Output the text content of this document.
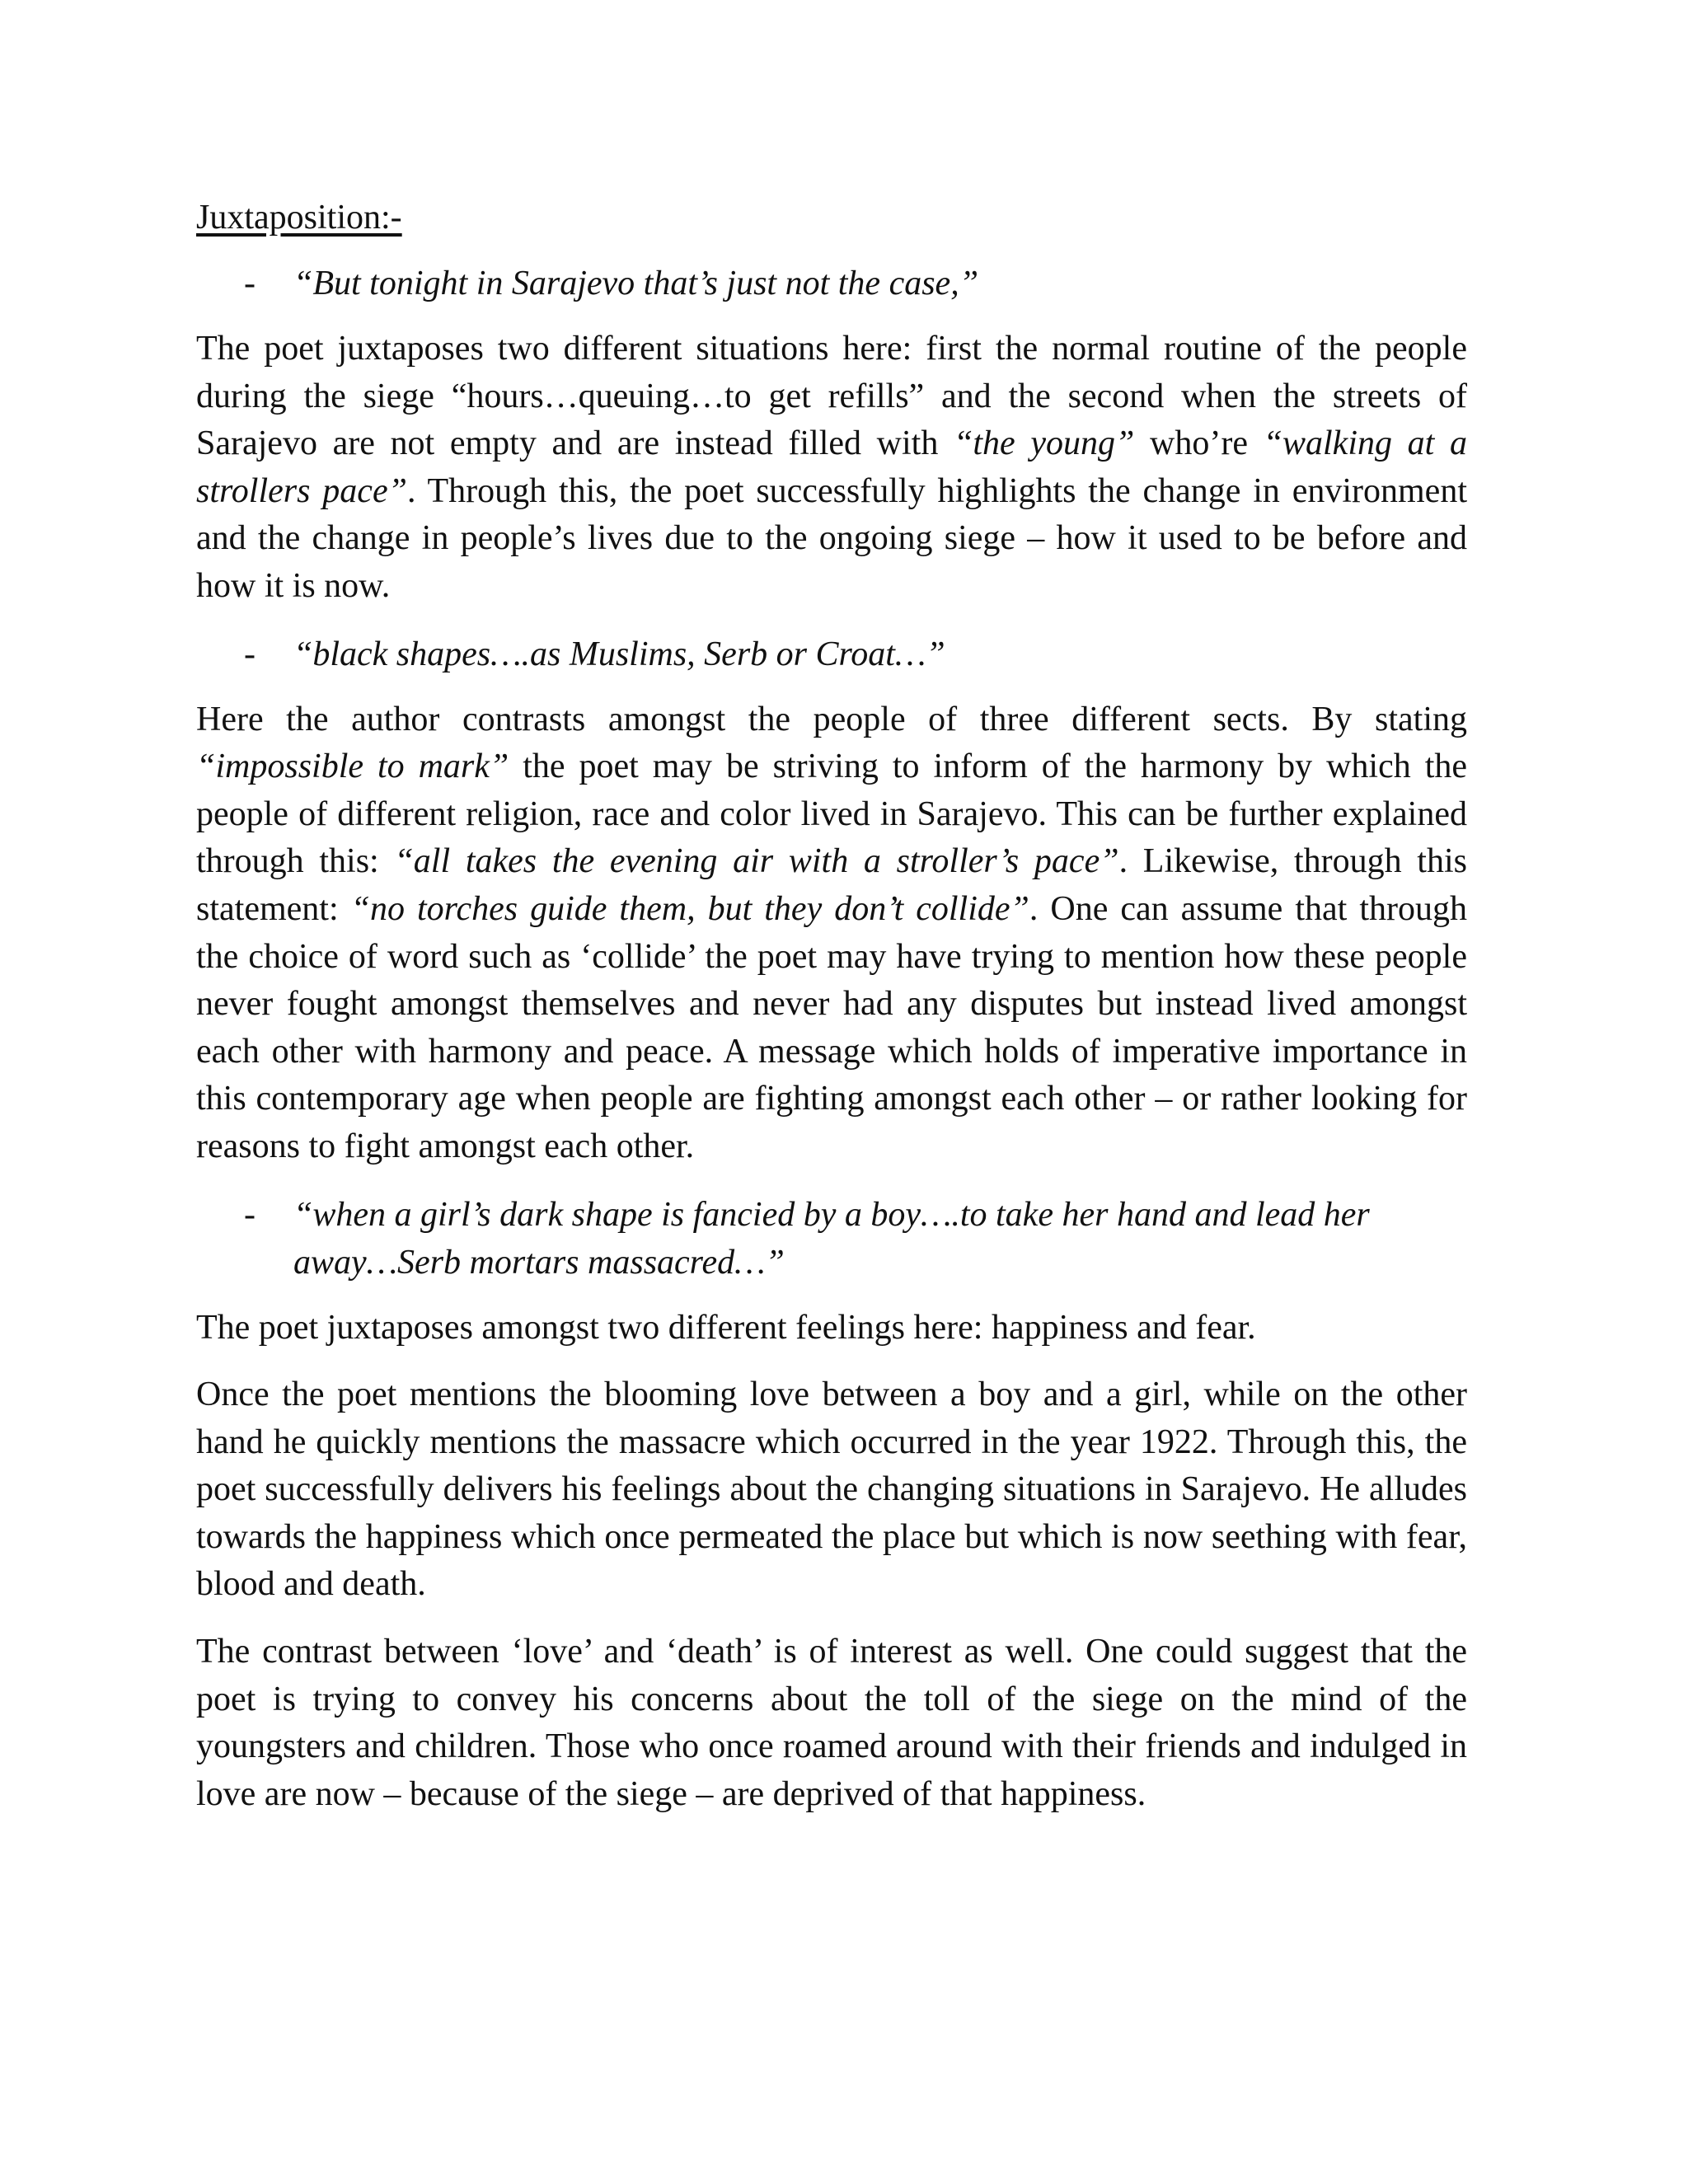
Juxtaposition:-
-	“But tonight in Sarajevo that’s just not the case,”

The poet juxtaposes two different situations here: first the normal routine of the people during the siege “hours…queuing…to get refills” and the second when the streets of Sarajevo are not empty and are instead filled with “the young” who’re “walking at a strollers pace”. Through this, the poet successfully highlights the change in environment and the change in people’s lives due to the ongoing siege – how it used to be before and how it is now.

-	“black shapes….as Muslims, Serb or Croat…”

Here the author contrasts amongst the people of three different sects. By stating “impossible to mark” the poet may be striving to inform of the harmony by which the people of different religion, race and color lived in Sarajevo. This can be further explained through this: “all takes the evening air with a stroller’s pace”. Likewise, through this statement: “no torches guide them, but they don’t collide”. One can assume that through the choice of word such as ‘collide’ the poet may have trying to mention how these people never fought amongst themselves and never had any disputes but instead lived amongst each other with harmony and peace. A message which holds of imperative importance in this contemporary age when people are fighting amongst each other – or rather looking for reasons to fight amongst each other.

-	“when a girl’s dark shape is fancied by a boy….to take her hand and lead her away…Serb mortars massacred…”

The poet juxtaposes amongst two different feelings here: happiness and fear.

Once the poet mentions the blooming love between a boy and a girl, while on the other hand he quickly mentions the massacre which occurred in the year 1922. Through this, the poet successfully delivers his feelings about the changing situations in Sarajevo. He alludes towards the happiness which once permeated the place but which is now seething with fear, blood and death.

The contrast between ‘love’ and ‘death’ is of interest as well. One could suggest that the poet is trying to convey his concerns about the toll of the siege on the mind of the youngsters and children. Those who once roamed around with their friends and indulged in love are now – because of the siege – are deprived of that happiness.
